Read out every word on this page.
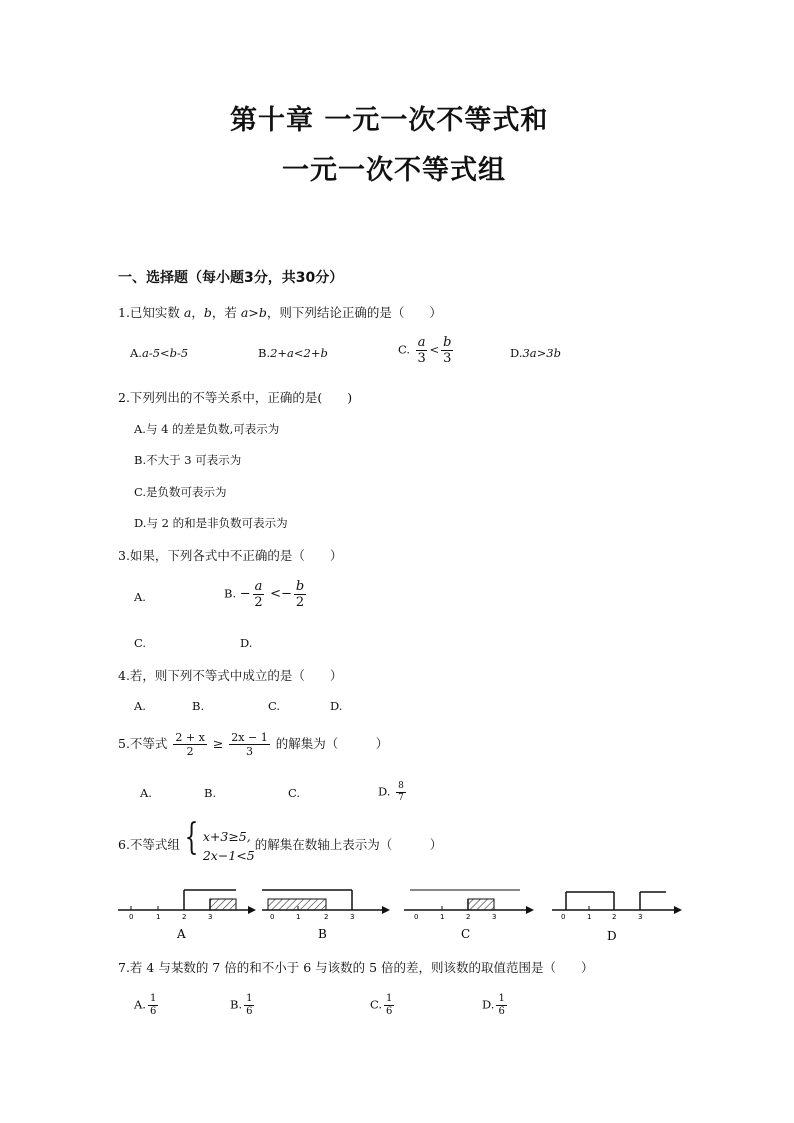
第十章 一元一次不等式和
一元一次不等式组
一、选择题（每小题3分，共30分）
1.已知实数 a，b，若 a>b，则下列结论正确的是（　　）
A.a-5<b-5	B.2+a<2+b	C. $\frac{a}{3} < \frac{b}{3}$	D.3a>3b
2.下列列出的不等关系中，正确的是(　　)
A.与 4 的差是负数,可表示为
B.不大于 3 可表示为
C.是负数可表示为
D.与 2 的和是非负数可表示为
3.如果，下列各式中不正确的是（　　）
A.	B. − $\frac{a}{2} <- \frac{b}{2}$
C.	D.
4.若，则下列不等式中成立的是（　　）
A.	B.	C.	D.
5.不等式 $\frac{2 + x}{2} \ge \frac{2x - 1}{3}$ 的解集为（　　　）
A.	B.	C.	D. $\frac{8}{7}$
6.不等式组 { x+3≥5,
2x−1<5
的解集在数轴上表示为（　　　）
0	1	2	3
A
0	1	2	3
B
0	1	2	3
C
0	1	2	3
D
7.若 4 与某数的 7 倍的和不小于 6 与该数的 5 倍的差，则该数的取值范围是（　　）
A. $\frac{1}{6}$	B. $\frac{1}{6}$	C. $\frac{1}{6}$	D. $\frac{1}{6}$
